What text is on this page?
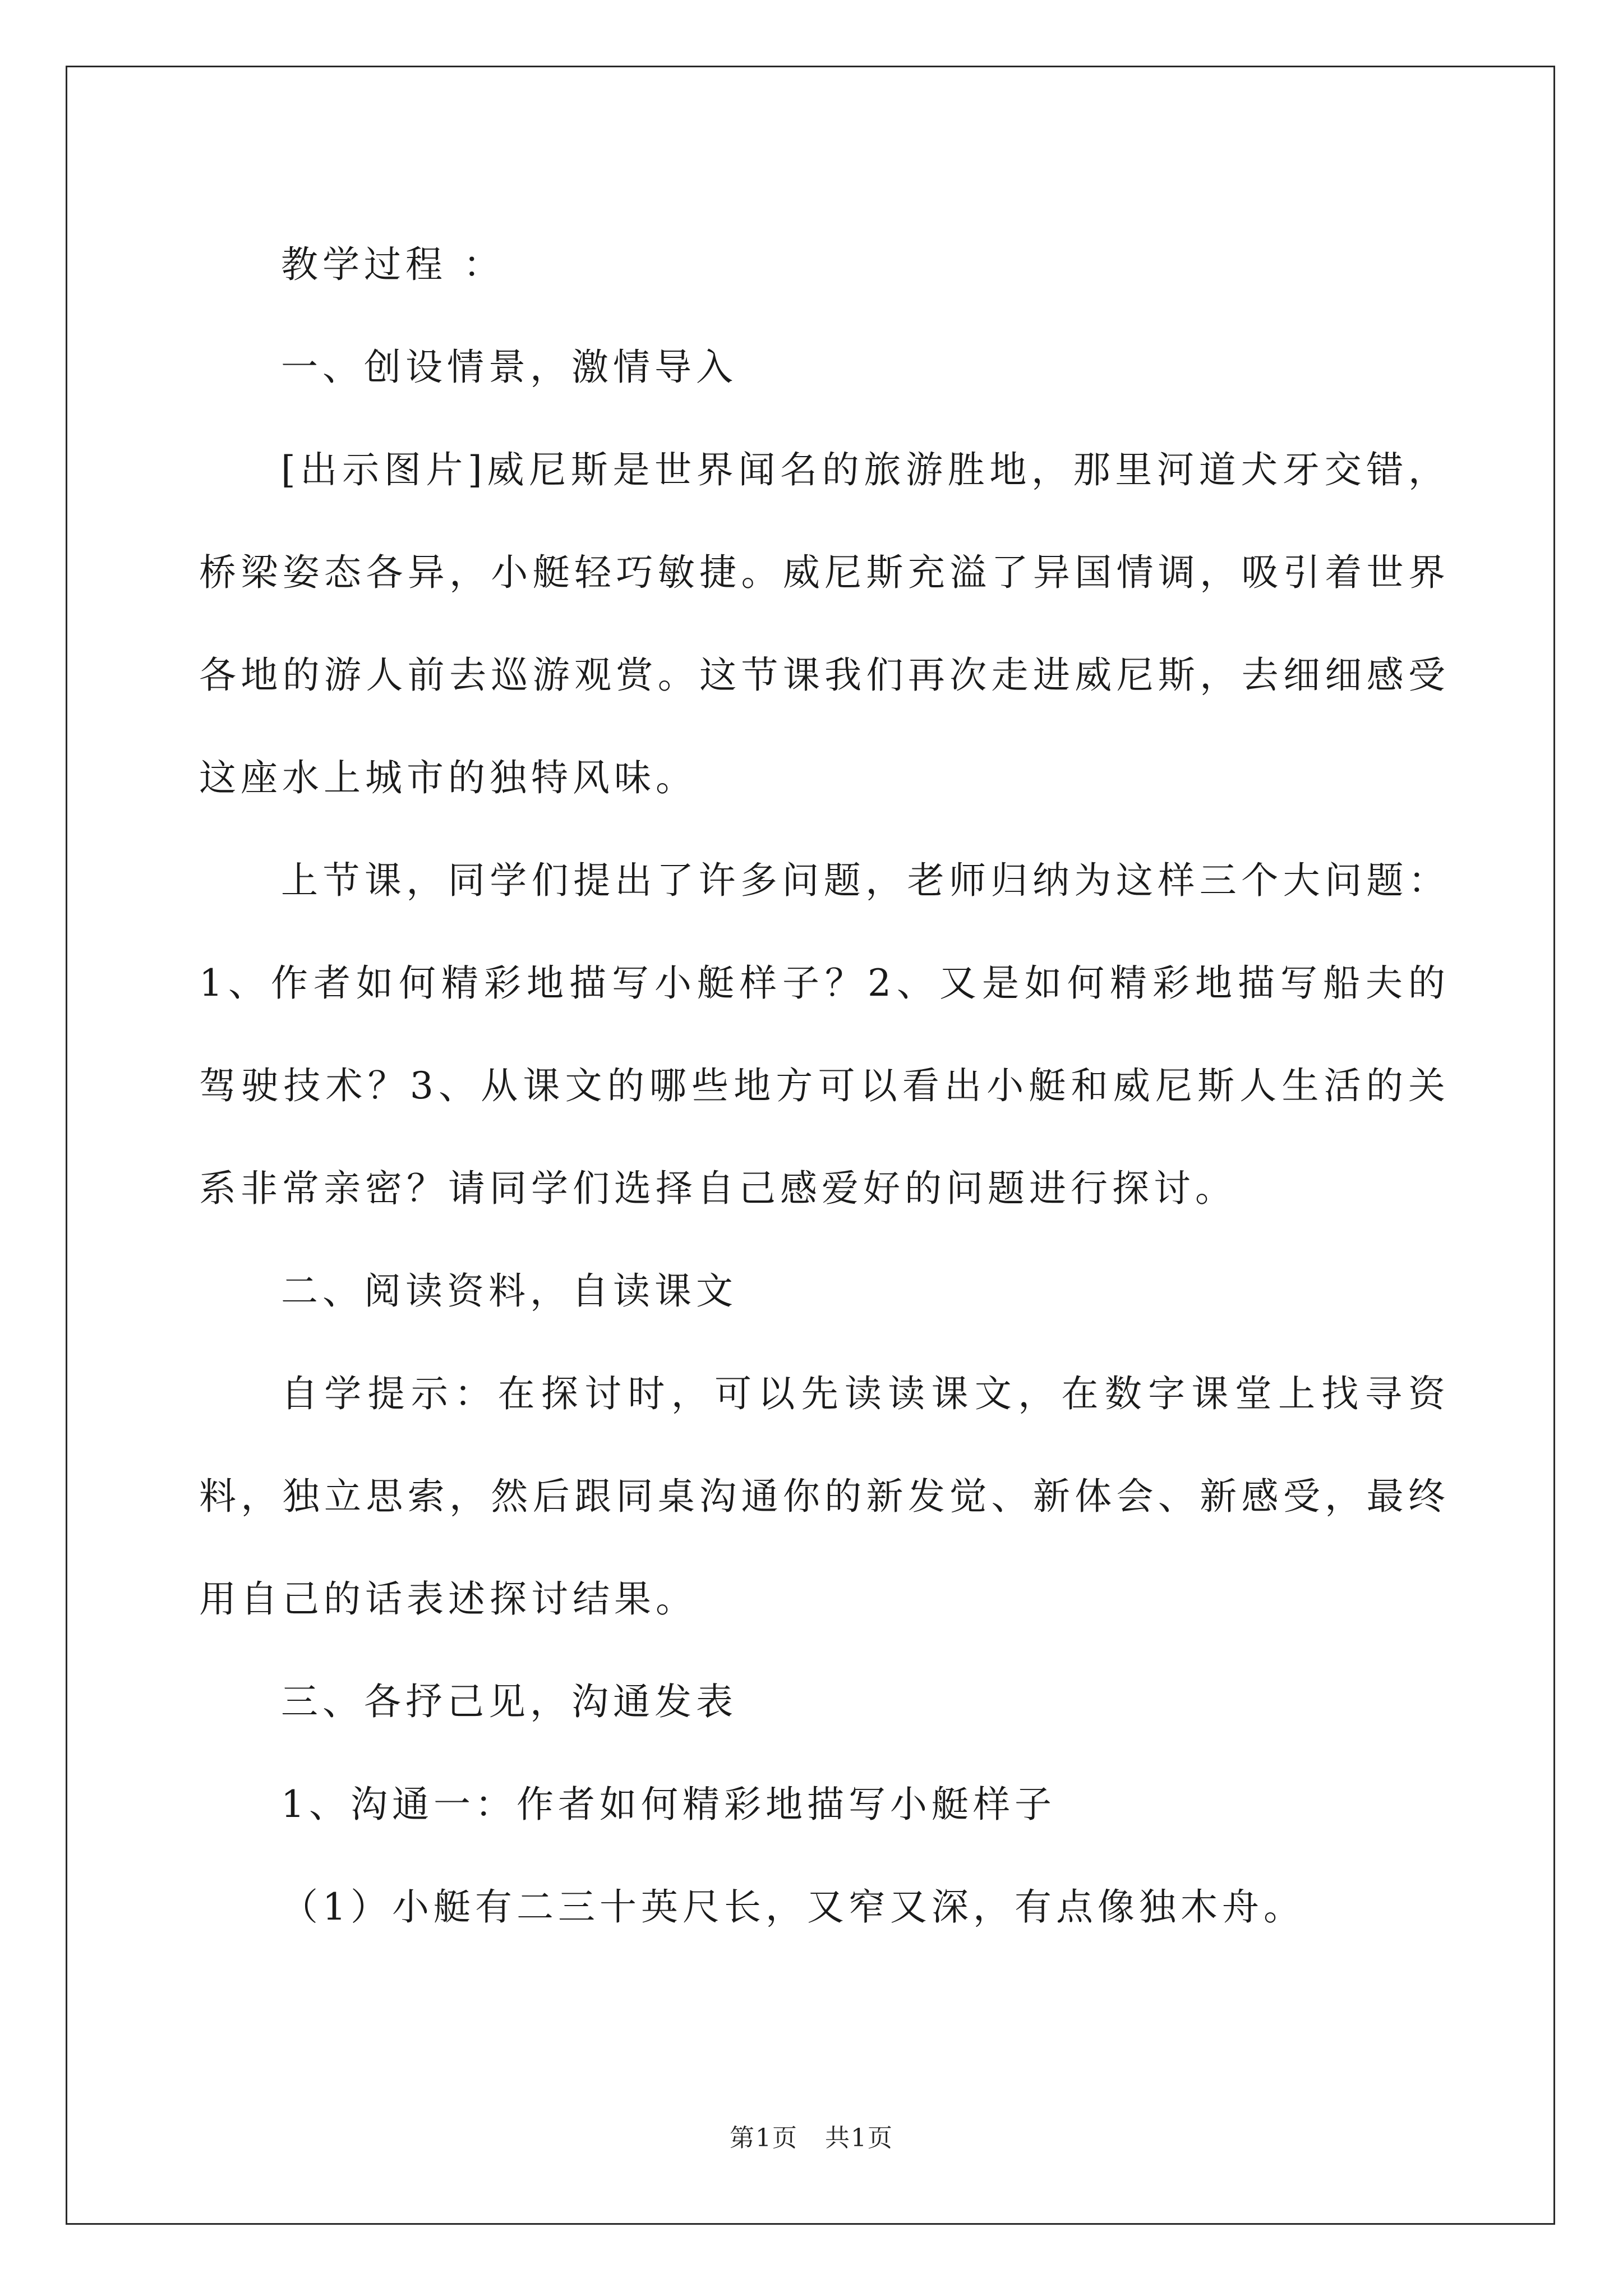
教学过程 ：

一、创设情景，激情导入

[出示图片]威尼斯是世界闻名的旅游胜地，那里河道犬牙交错，桥梁姿态各异，小艇轻巧敏捷。威尼斯充溢了异国情调，吸引着世界各地的游人前去巡游观赏。这节课我们再次走进威尼斯，去细细感受这座水上城市的独特风味。

上节课，同学们提出了许多问题，老师归纳为这样三个大问题：1、作者如何精彩地描写小艇样子？2、又是如何精彩地描写船夫的驾驶技术？3、从课文的哪些地方可以看出小艇和威尼斯人生活的关系非常亲密？请同学们选择自己感爱好的问题进行探讨。

二、阅读资料，自读课文

自学提示：在探讨时，可以先读读课文，在数字课堂上找寻资料，独立思索，然后跟同桌沟通你的新发觉、新体会、新感受，最终用自己的话表述探讨结果。

三、各抒己见，沟通发表

1、沟通一：作者如何精彩地描写小艇样子

（1）小艇有二三十英尺长，又窄又深，有点像独木舟。

第1页 共1页
